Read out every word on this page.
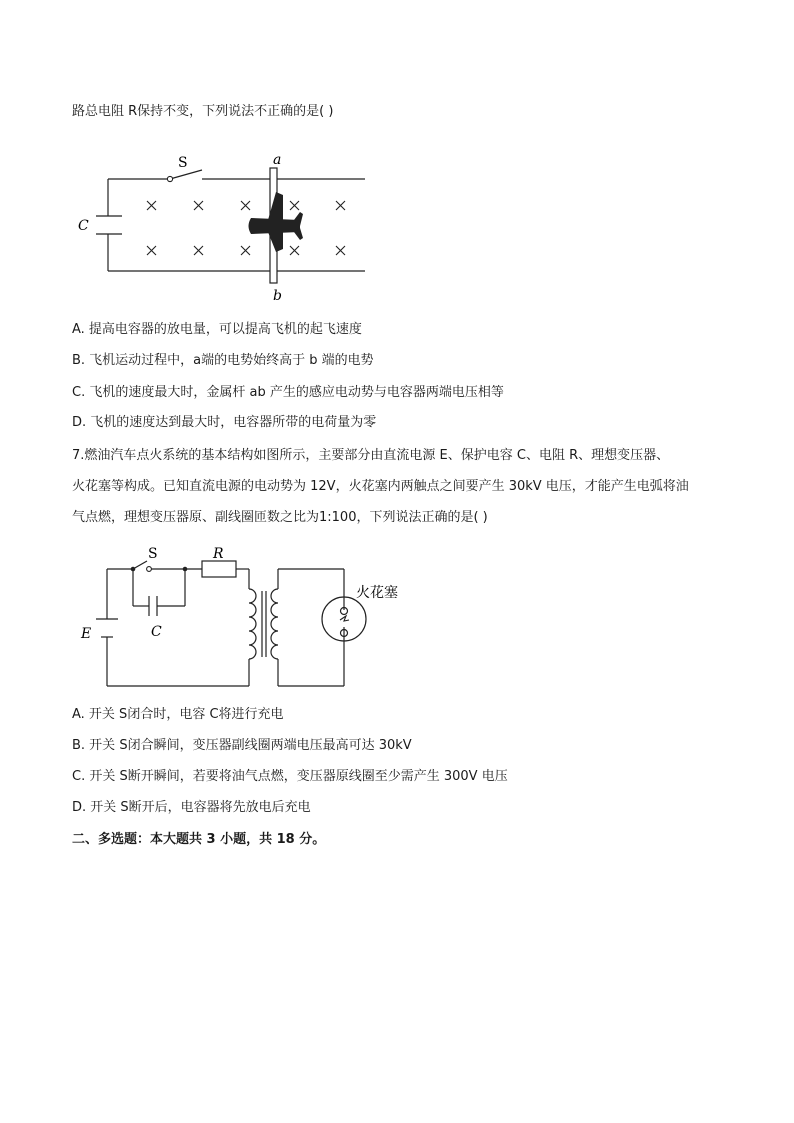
路总电阻 R保持不变，下列说法不正确的是( )
S
C
a
b
A. 提高电容器的放电量，可以提高飞机的起飞速度
B. 飞机运动过程中，a端的电势始终高于 b 端的电势
C. 飞机的速度最大时，金属杆 ab 产生的感应电动势与电容器两端电压相等
D. 飞机的速度达到最大时，电容器所带的电荷量为零
7.燃油汽车点火系统的基本结构如图所示，主要部分由直流电源 E、保护电容 C、电阻 R、理想变压器、
火花塞等构成。已知直流电源的电动势为 12V，火花塞内两触点之间要产生 30kV 电压，才能产生电弧将油
气点燃，理想变压器原、副线圈匝数之比为1:100，下列说法正确的是( )
S	R
C
E
火花塞
A. 开关 S闭合时，电容 C将进行充电
B. 开关 S闭合瞬间，变压器副线圈两端电压最高可达 30kV
C. 开关 S断开瞬间，若要将油气点燃，变压器原线圈至少需产生 300V 电压
D. 开关 S断开后，电容器将先放电后充电
二、多选题：本大题共 3 小题，共 18 分。
